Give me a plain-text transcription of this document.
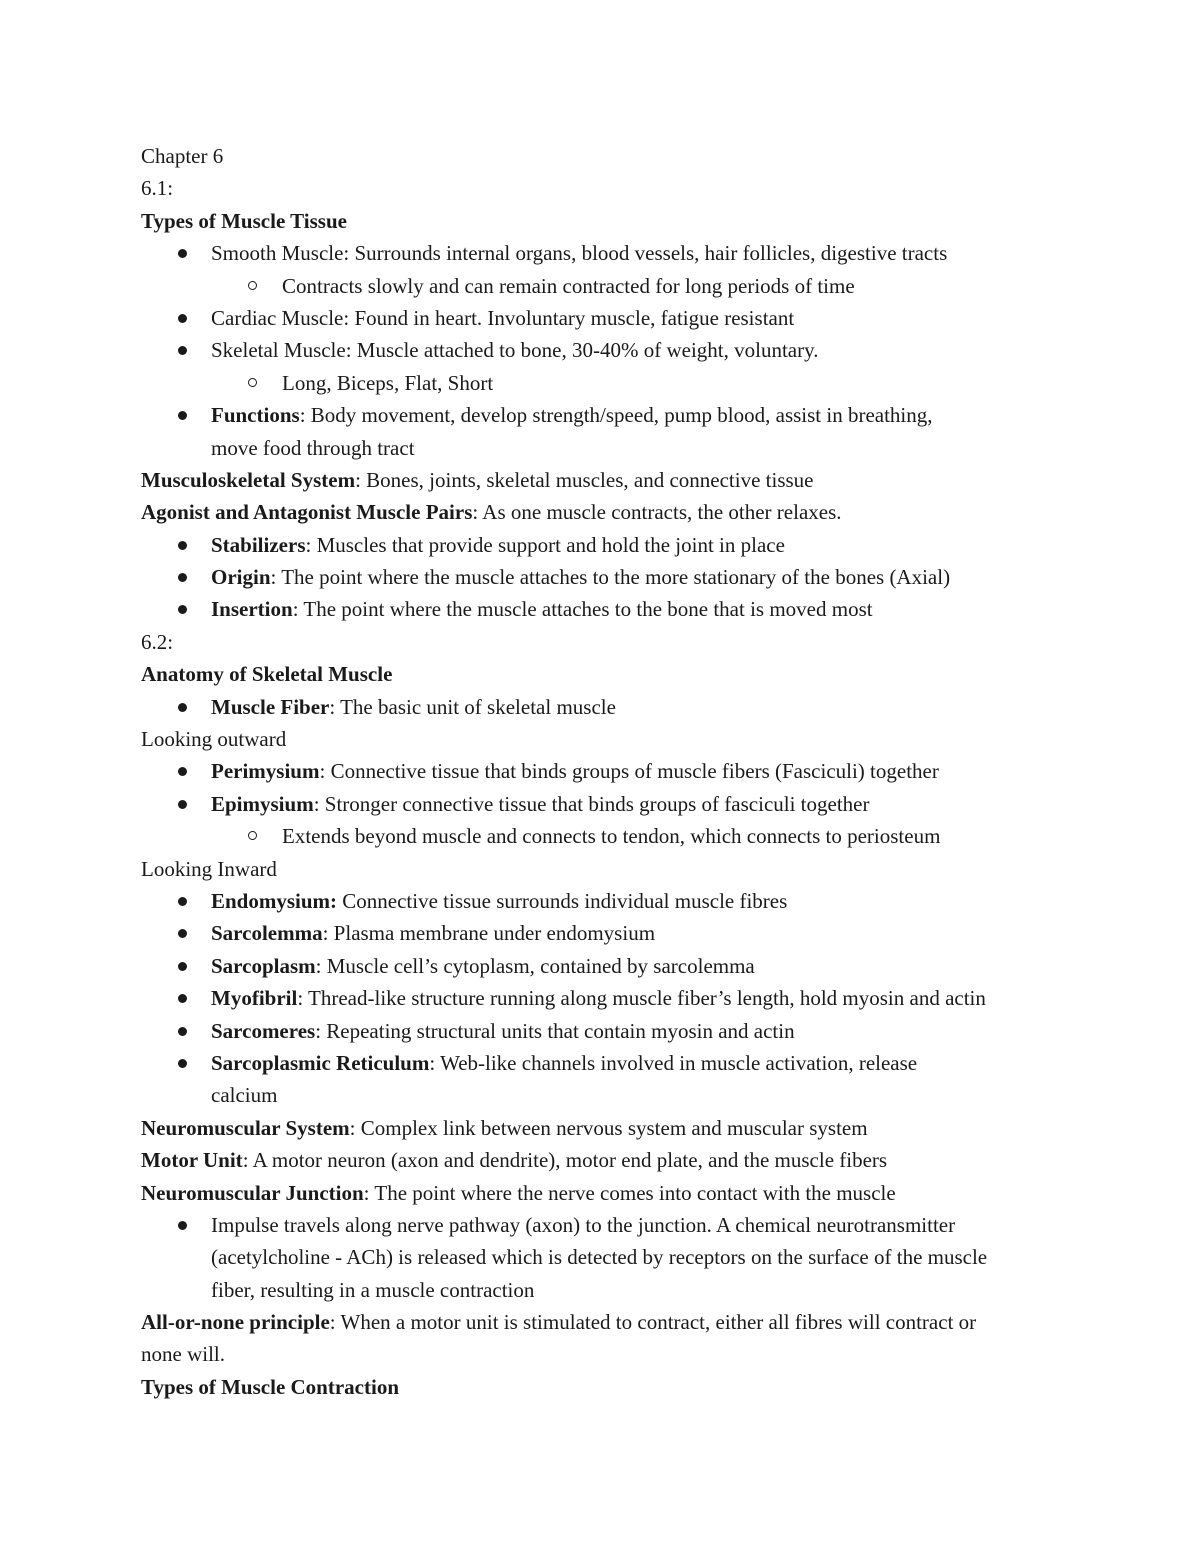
Chapter 6
6.1:
Types of Muscle Tissue
Smooth Muscle: Surrounds internal organs, blood vessels, hair follicles, digestive tracts
Contracts slowly and can remain contracted for long periods of time
Cardiac Muscle: Found in heart. Involuntary muscle, fatigue resistant
Skeletal Muscle: Muscle attached to bone, 30-40% of weight, voluntary.
Long, Biceps, Flat, Short
Functions: Body movement, develop strength/speed, pump blood, assist in breathing,
move food through tract
Musculoskeletal System: Bones, joints, skeletal muscles, and connective tissue
Agonist and Antagonist Muscle Pairs: As one muscle contracts, the other relaxes.
Stabilizers: Muscles that provide support and hold the joint in place
Origin: The point where the muscle attaches to the more stationary of the bones (Axial)
Insertion: The point where the muscle attaches to the bone that is moved most
6.2:
Anatomy of Skeletal Muscle
Muscle Fiber: The basic unit of skeletal muscle
Looking outward
Perimysium: Connective tissue that binds groups of muscle fibers (Fasciculi) together
Epimysium: Stronger connective tissue that binds groups of fasciculi together
Extends beyond muscle and connects to tendon, which connects to periosteum
Looking Inward
Endomysium: Connective tissue surrounds individual muscle fibres
Sarcolemma: Plasma membrane under endomysium
Sarcoplasm: Muscle cell’s cytoplasm, contained by sarcolemma
Myofibril: Thread-like structure running along muscle fiber’s length, hold myosin and actin
Sarcomeres: Repeating structural units that contain myosin and actin
Sarcoplasmic Reticulum: Web-like channels involved in muscle activation, release
calcium
Neuromuscular System: Complex link between nervous system and muscular system
Motor Unit: A motor neuron (axon and dendrite), motor end plate, and the muscle fibers
Neuromuscular Junction: The point where the nerve comes into contact with the muscle
Impulse travels along nerve pathway (axon) to the junction. A chemical neurotransmitter
(acetylcholine - ACh) is released which is detected by receptors on the surface of the muscle
fiber, resulting in a muscle contraction
All-or-none principle: When a motor unit is stimulated to contract, either all fibres will contract or
none will.
Types of Muscle Contraction
